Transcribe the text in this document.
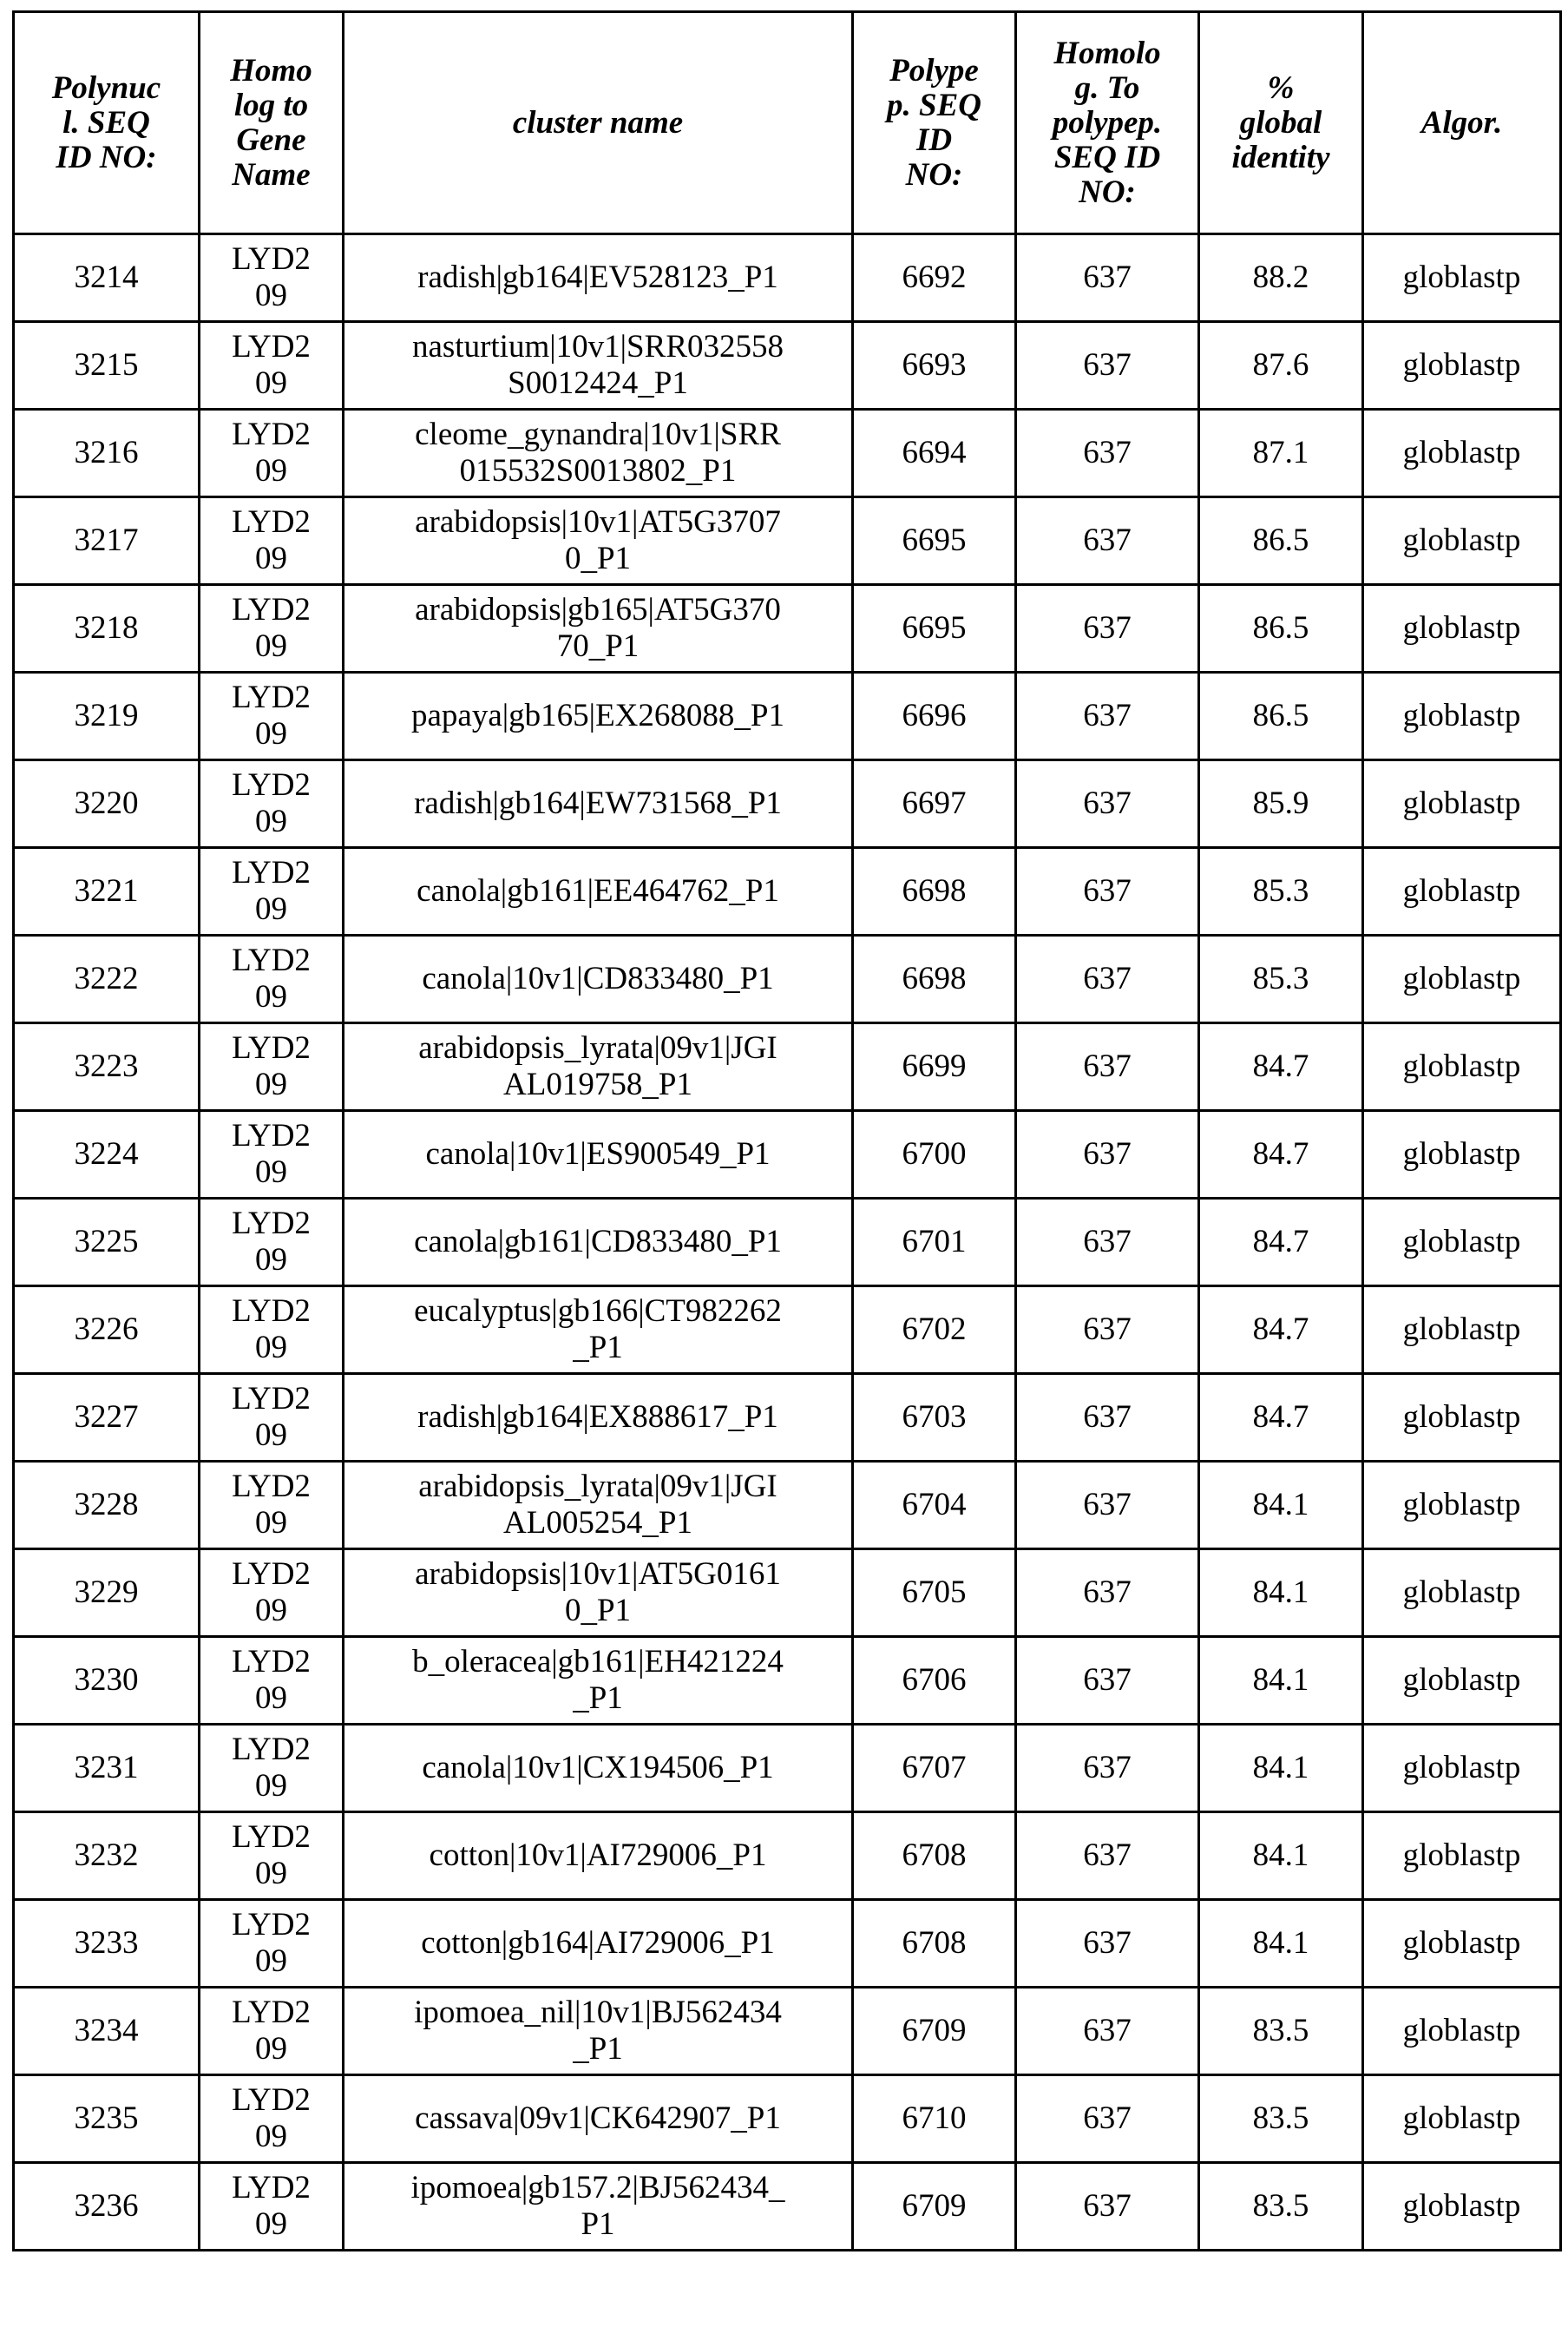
Polynuc
l. SEQ
ID NO:	Homo
log to
Gene
Name	cluster name	Polype
p. SEQ
ID
NO:	Homolo
g. To
polypep.
SEQ ID
NO:	%
global
identity	Algor.
3214	LYD2
09	radish|gb164|EV528123_P1	6692	637	88.2	globlastp
3215	LYD2
09	nasturtium|10v1|SRR032558
S0012424_P1	6693	637	87.6	globlastp
3216	LYD2
09	cleome_gynandra|10v1|SRR
015532S0013802_P1	6694	637	87.1	globlastp
3217	LYD2
09	arabidopsis|10v1|AT5G3707
0_P1	6695	637	86.5	globlastp
3218	LYD2
09	arabidopsis|gb165|AT5G370
70_P1	6695	637	86.5	globlastp
3219	LYD2
09	papaya|gb165|EX268088_P1	6696	637	86.5	globlastp
3220	LYD2
09	radish|gb164|EW731568_P1	6697	637	85.9	globlastp
3221	LYD2
09	canola|gb161|EE464762_P1	6698	637	85.3	globlastp
3222	LYD2
09	canola|10v1|CD833480_P1	6698	637	85.3	globlastp
3223	LYD2
09	arabidopsis_lyrata|09v1|JGI
AL019758_P1	6699	637	84.7	globlastp
3224	LYD2
09	canola|10v1|ES900549_P1	6700	637	84.7	globlastp
3225	LYD2
09	canola|gb161|CD833480_P1	6701	637	84.7	globlastp
3226	LYD2
09	eucalyptus|gb166|CT982262
_P1	6702	637	84.7	globlastp
3227	LYD2
09	radish|gb164|EX888617_P1	6703	637	84.7	globlastp
3228	LYD2
09	arabidopsis_lyrata|09v1|JGI
AL005254_P1	6704	637	84.1	globlastp
3229	LYD2
09	arabidopsis|10v1|AT5G0161
0_P1	6705	637	84.1	globlastp
3230	LYD2
09	b_oleracea|gb161|EH421224
_P1	6706	637	84.1	globlastp
3231	LYD2
09	canola|10v1|CX194506_P1	6707	637	84.1	globlastp
3232	LYD2
09	cotton|10v1|AI729006_P1	6708	637	84.1	globlastp
3233	LYD2
09	cotton|gb164|AI729006_P1	6708	637	84.1	globlastp
3234	LYD2
09	ipomoea_nil|10v1|BJ562434
_P1	6709	637	83.5	globlastp
3235	LYD2
09	cassava|09v1|CK642907_P1	6710	637	83.5	globlastp
3236	LYD2
09	ipomoea|gb157.2|BJ562434_
P1	6709	637	83.5	globlastp
